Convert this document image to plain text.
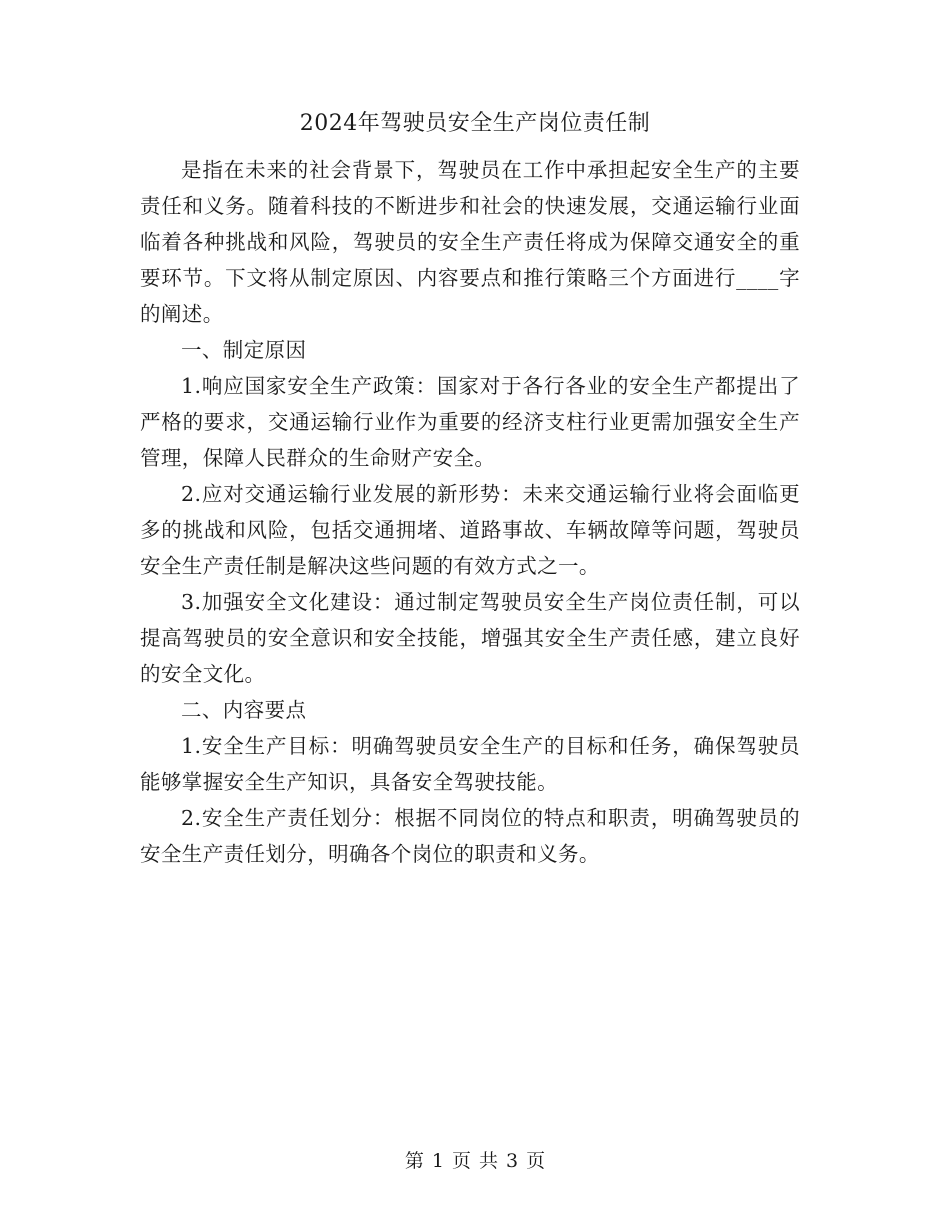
2024年驾驶员安全生产岗位责任制

是指在未来的社会背景下，驾驶员在工作中承担起安全生产的主要责任和义务。随着科技的不断进步和社会的快速发展，交通运输行业面临着各种挑战和风险，驾驶员的安全生产责任将成为保障交通安全的重要环节。下文将从制定原因、内容要点和推行策略三个方面进行____字的阐述。

一、制定原因

1.响应国家安全生产政策：国家对于各行各业的安全生产都提出了严格的要求，交通运输行业作为重要的经济支柱行业更需加强安全生产管理，保障人民群众的生命财产安全。

2.应对交通运输行业发展的新形势：未来交通运输行业将会面临更多的挑战和风险，包括交通拥堵、道路事故、车辆故障等问题，驾驶员安全生产责任制是解决这些问题的有效方式之一。

3.加强安全文化建设：通过制定驾驶员安全生产岗位责任制，可以提高驾驶员的安全意识和安全技能，增强其安全生产责任感，建立良好的安全文化。

二、内容要点

1.安全生产目标：明确驾驶员安全生产的目标和任务，确保驾驶员能够掌握安全生产知识，具备安全驾驶技能。

2.安全生产责任划分：根据不同岗位的特点和职责，明确驾驶员的安全生产责任划分，明确各个岗位的职责和义务。

第 1 页 共 3 页
